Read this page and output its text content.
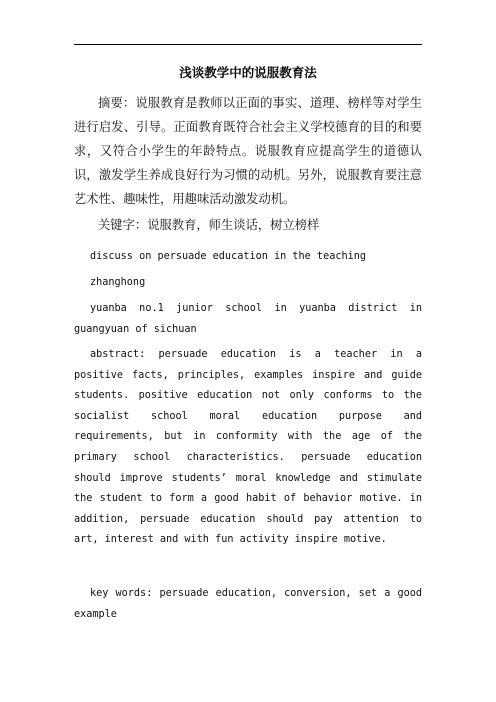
浅谈教学中的说服教育法

摘要：说服教育是教师以正面的事实、道理、榜样等对学生进行启发、引导。正面教育既符合社会主义学校德育的目的和要求，又符合小学生的年龄特点。说服教育应提高学生的道德认识，激发学生养成良好行为习惯的动机。另外，说服教育要注意艺术性、趣味性，用趣味活动激发动机。

关键字：说服教育，师生谈话，树立榜样

discuss on persuade education in the teaching

zhanghong

yuanba no.1 junior school in yuanba district in guangyuan of sichuan

abstract: persuade education is a teacher in a positive facts, principles, examples inspire and guide students. positive education not only conforms to the socialist school moral education purpose and requirements, but in conformity with the age of the primary school characteristics. persuade education should improve students’ moral knowledge and stimulate the student to form a good habit of behavior motive. in addition, persuade education should pay attention to art, interest and with fun activity inspire motive.

key words: persuade education, conversion, set a good example
